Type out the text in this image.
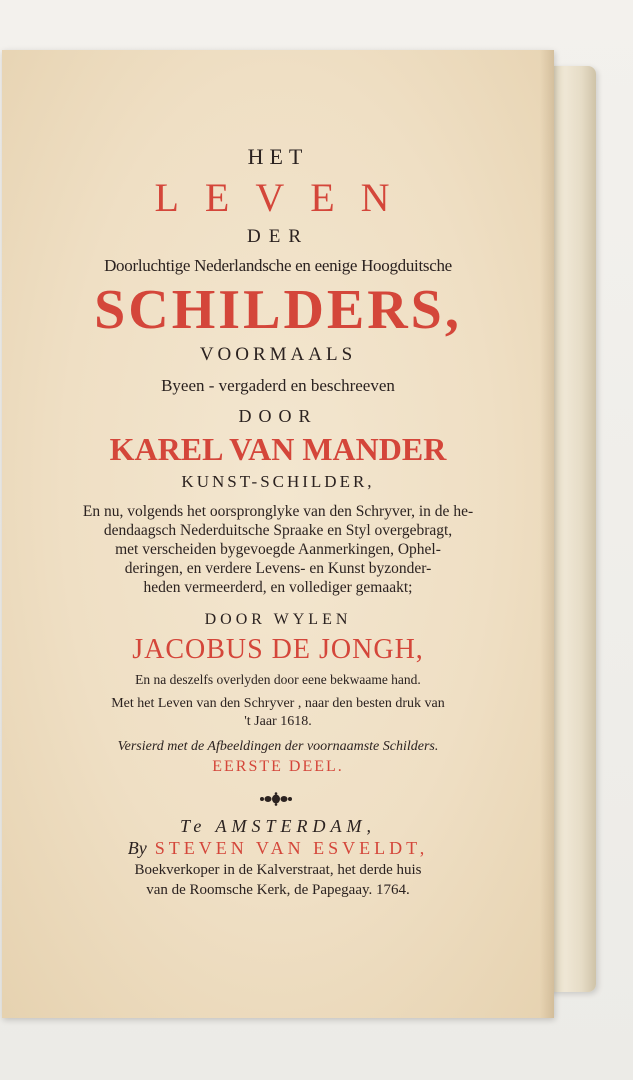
HET
LEVEN
DER
Doorluchtige Nederlandsche en eenige Hoogduitsche
SCHILDERS,
VOORMAALS
Byeen - vergaderd en beschreeven
DOOR
KAREL VAN MANDER
KUNST-SCHILDER,
En nu, volgends het oorspronglyke van den Schryver, in de he-
dendaagsch Nederduitsche Spraake en Styl overgebragt,
met verscheiden bygevoegde Aanmerkingen, Ophel-
deringen, en verdere Levens- en Kunst byzonder-
heden vermeerderd, en vollediger gemaakt;
DOOR WYLEN
JACOBUS DE JONGH,
En na deszelfs overlyden door eene bekwaame hand.
Met het Leven van den Schryver , naar den besten druk van
't Jaar 1618.
Versierd met de Afbeeldingen der voornaamste Schilders.
EERSTE DEEL.
Te AMSTERDAM,
By STEVEN VAN ESVELDT,
Boekverkoper in de Kalverstraat, het derde huis
van de Roomsche Kerk, de Papegaay. 1764.
